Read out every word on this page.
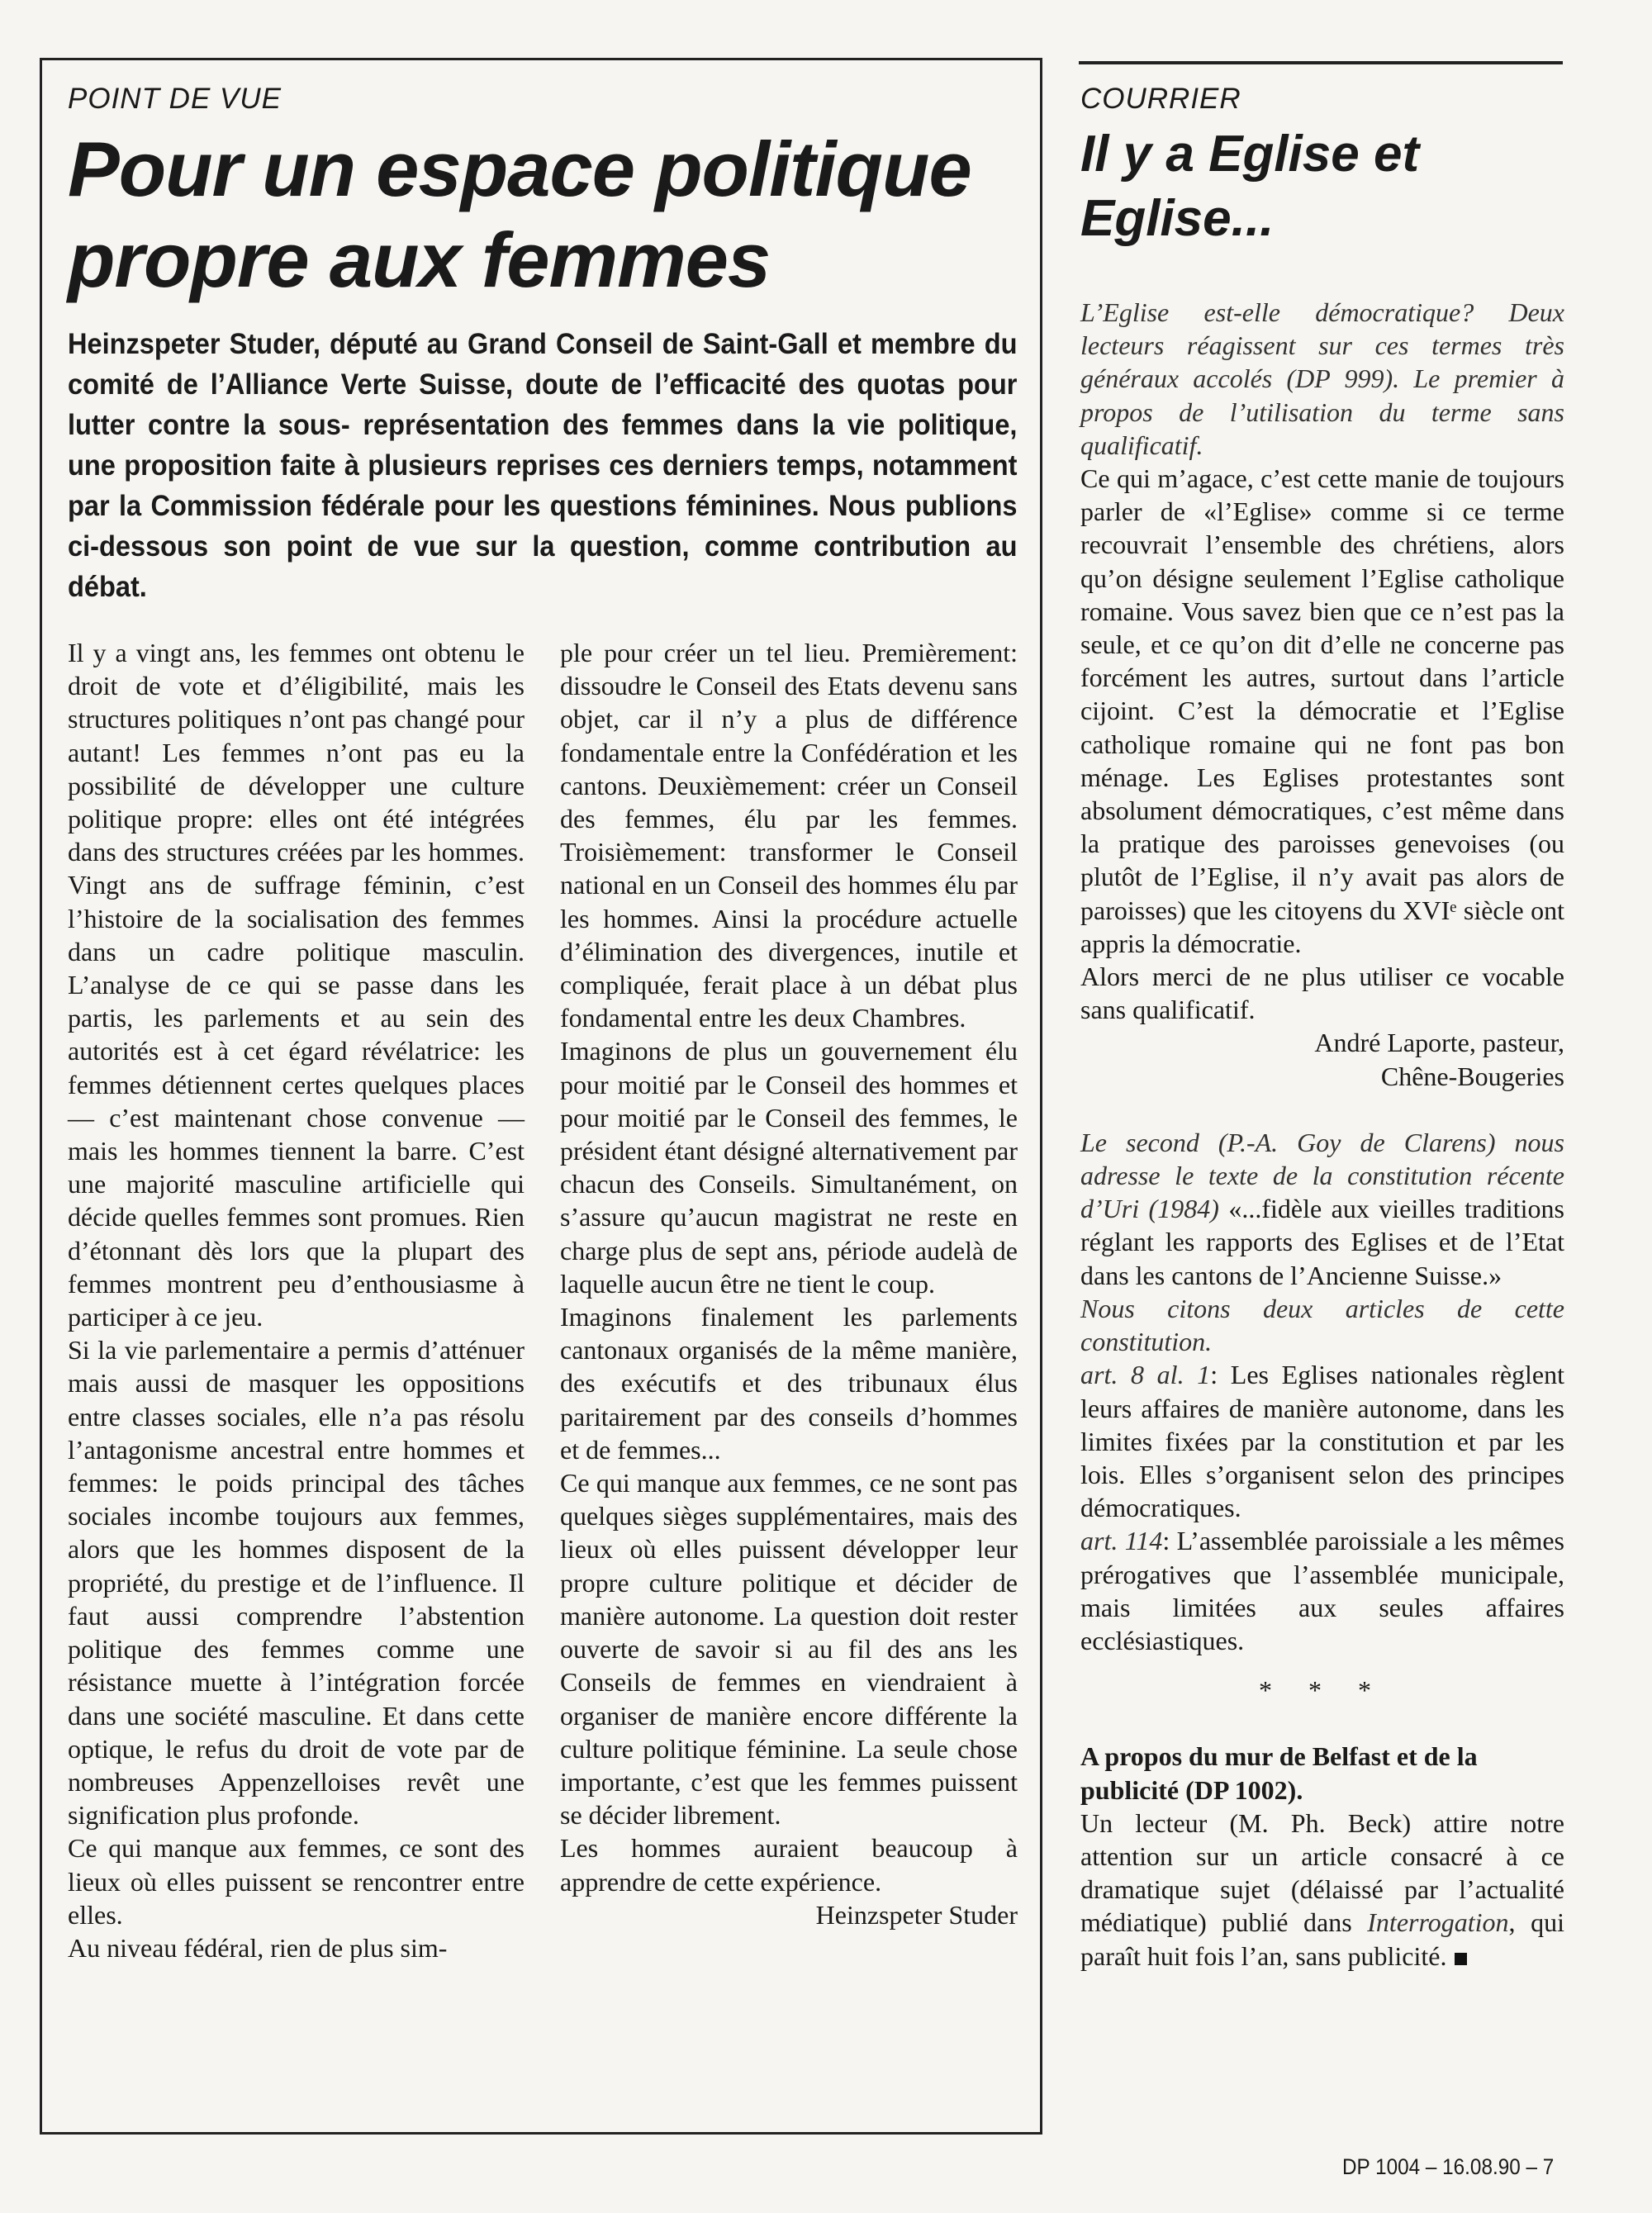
POINT DE VUE
Pour un espace politique
propre aux femmes

Heinzspeter Studer, député au Grand Conseil de Saint-Gall et membre du comité de l’Alliance Verte Suisse, doute de l’efficacité des quotas pour lutter contre la sous- représentation des femmes dans la vie politique, une proposition faite à plusieurs reprises ces derniers temps, notamment par la Commission fédérale pour les questions féminines. Nous publions ci-dessous son point de vue sur la question, comme contribution au débat.

Il y a vingt ans, les femmes ont obtenu le droit de vote et d’éligibilité, mais les structures politiques n’ont pas changé pour autant! Les femmes n’ont pas eu la possibilité de développer une culture politique propre: elles ont été intégrées dans des structures créées par les hommes. Vingt ans de suffrage féminin, c’est l’histoire de la socialisation des femmes dans un cadre politique masculin. L’analyse de ce qui se passe dans les partis, les parlements et au sein des autorités est à cet égard révélatrice: les femmes détiennent certes quelques places — c’est maintenant chose convenue — mais les hommes tiennent la barre. C’est une majorité masculine artificielle qui décide quelles femmes sont promues. Rien d’étonnant dès lors que la plupart des femmes montrent peu d’enthousiasme à participer à ce jeu.

Si la vie parlementaire a permis d’atténuer mais aussi de masquer les oppositions entre classes sociales, elle n’a pas résolu l’antagonisme ancestral entre hommes et femmes: le poids principal des tâches sociales incombe toujours aux femmes, alors que les hommes disposent de la propriété, du prestige et de l’influence. Il faut aussi comprendre l’abstention politique des femmes comme une résistance muette à l’intégration forcée dans une société masculine. Et dans cette optique, le refus du droit de vote par de nombreuses Appenzelloises revêt une signification plus profonde.

Ce qui manque aux femmes, ce sont des lieux où elles puissent se rencontrer entre elles.

Au niveau fédéral, rien de plus sim-

ple pour créer un tel lieu. Premièrement: dissoudre le Conseil des Etats devenu sans objet, car il n’y a plus de différence fondamentale entre la Confédération et les cantons. Deuxièmement: créer un Conseil des femmes, élu par les femmes. Troisièmement: transformer le Conseil national en un Conseil des hommes élu par les hommes. Ainsi la procédure actuelle d’élimination des divergences, inutile et compliquée, ferait place à un débat plus fondamental entre les deux Chambres.

Imaginons de plus un gouvernement élu pour moitié par le Conseil des hommes et pour moitié par le Conseil des femmes, le président étant désigné alternativement par chacun des Conseils. Simultanément, on s’assure qu’aucun magistrat ne reste en charge plus de sept ans, période audelà de laquelle aucun être ne tient le coup.

Imaginons finalement les parlements cantonaux organisés de la même manière, des exécutifs et des tribunaux élus paritairement par des conseils d’hommes et de femmes...

Ce qui manque aux femmes, ce ne sont pas quelques sièges supplémentaires, mais des lieux où elles puissent développer leur propre culture politique et décider de manière autonome. La question doit rester ouverte de savoir si au fil des ans les Conseils de femmes en viendraient à organiser de manière encore différente la culture politique féminine. La seule chose importante, c’est que les femmes puissent se décider librement.

Les hommes auraient beaucoup à apprendre de cette expérience.

Heinzspeter Studer

COURRIER
Il y a Eglise et
Eglise...

L’Eglise est-elle démocratique? Deux lecteurs réagissent sur ces termes très généraux accolés (DP 999). Le premier à propos de l’utilisation du terme sans qualificatif.

Ce qui m’agace, c’est cette manie de toujours parler de «l’Eglise» comme si ce terme recouvrait l’ensemble des chrétiens, alors qu’on désigne seulement l’Eglise catholique romaine. Vous savez bien que ce n’est pas la seule, et ce qu’on dit d’elle ne concerne pas forcément les autres, surtout dans l’article cijoint. C’est la démocratie et l’Eglise catholique romaine qui ne font pas bon ménage. Les Eglises protestantes sont absolument démocratiques, c’est même dans la pratique des paroisses genevoises (ou plutôt de l’Eglise, il n’y avait pas alors de paroisses) que les citoyens du XVIᵉ siècle ont appris la démocratie.

Alors merci de ne plus utiliser ce vocable sans qualificatif.

André Laporte, pasteur,

Chêne-Bougeries

Le second (P.-A. Goy de Clarens) nous adresse le texte de la constitution récente d’Uri (1984) «...fidèle aux vieilles traditions réglant les rapports des Eglises et de l’Etat dans les cantons de l’Ancienne Suisse.»

Nous citons deux articles de cette constitution.

art. 8 al. 1: Les Eglises nationales règlent leurs affaires de manière autonome, dans les limites fixées par la constitution et par les lois. Elles s’organisent selon des principes démocratiques.

art. 114: L’assemblée paroissiale a les mêmes prérogatives que l’assemblée municipale, mais limitées aux seules affaires ecclésiastiques.

* * *

A propos du mur de Belfast et de la publicité (DP 1002).

Un lecteur (M. Ph. Beck) attire notre attention sur un article consacré à ce dramatique sujet (délaissé par l’actualité médiatique) publié dans Interrogation, qui paraît huit fois l’an, sans publicité.

DP 1004 – 16.08.90 – 7
